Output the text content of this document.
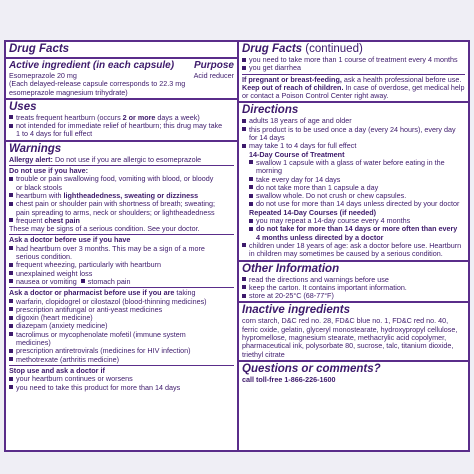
Drug Facts
Active ingredient (in each capsule) Purpose
Esomeprazole 20 mg	Acid reducer
(Each delayed-release capsule corresponds to 22.3 mg
esomeprazole magnesium trihydrate)
Uses
treats frequent heartburn (occurs 2 or more days a week)
not intended for immediate relief of heartburn; this drug may take
1 to 4 days for full effect
Warnings
Allergy alert: Do not use if you are allergic to esomeprazole
Do not use if you have:
trouble or pain swallowing food, vomiting with blood, or bloody
or black stools
heartburn with lightheadedness, sweating or dizziness
chest pain or shoulder pain with shortness of breath; sweating;
pain spreading to arms, neck or shoulders; or lightheadedness
frequent chest pain
These may be signs of a serious condition. See your doctor.
Ask a doctor before use if you have
had heartburn over 3 months. This may be a sign of a more
serious condition.
frequent wheezing, particularly with heartburn
unexplained weight loss
nausea or vomiting stomach pain
Ask a doctor or pharmacist before use if you are taking
warfarin, clopidogrel or cilostazol (blood-thinning medicines)
prescription antifungal or anti-yeast medicines
digoxin (heart medicine)
diazepam (anxiety medicine)
tacrolimus or mycophenolate mofetil (immune system
medicines)
prescription antiretrovirals (medicines for HIV infection)
methotrexate (arthritis medicine)
Stop use and ask a doctor if
your heartburn continues or worsens
you need to take this product for more than 14 days
Drug Facts (continued)
you need to take more than 1 course of treatment every 4 months
you get diarrhea
If pregnant or breast-feeding, ask a health professional before use.
Keep out of reach of children. In case of overdose, get medical help
or contact a Poison Control Center right away.
Directions
adults 18 years of age and older
this product is to be used once a day (every 24 hours), every day
for 14 days
may take 1 to 4 days for full effect
14-Day Course of Treatment
swallow 1 capsule with a glass of water before eating in the
morning
take every day for 14 days
do not take more than 1 capsule a day
swallow whole. Do not crush or chew capsules.
do not use for more than 14 days unless directed by your doctor
Repeated 14-Day Courses (if needed)
you may repeat a 14-day course every 4 months
do not take for more than 14 days or more often than every
4 months unless directed by a doctor
children under 18 years of age: ask a doctor before use. Heartburn
in children may sometimes be caused by a serious condition.
Other Information
read the directions and warnings before use
keep the carton. It contains important information.
store at 20-25°C (68-77°F)
Inactive ingredients
corn starch, D&C red no. 28, FD&C blue no. 1, FD&C red no. 40,
ferric oxide, gelatin, glyceryl monostearate, hydroxypropyl cellulose,
hypromellose, magnesium stearate, methacrylic acid copolymer,
pharmaceutical ink, polysorbate 80, sucrose, talc, titanium dioxide,
triethyl citrate
Questions or comments?
call toll-free 1-866-226-1600
